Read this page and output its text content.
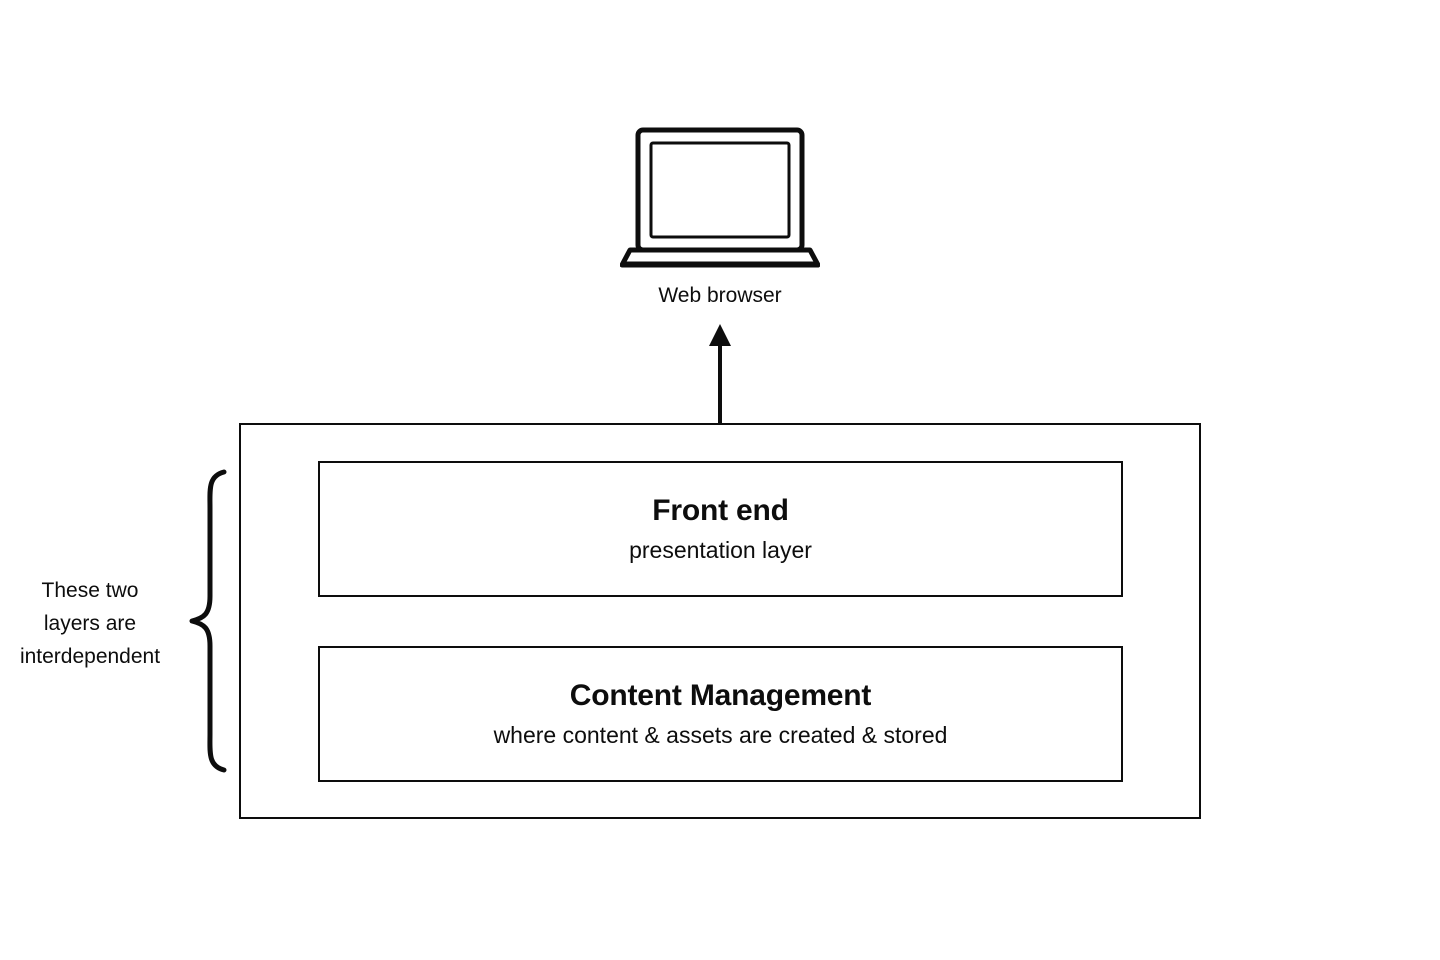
Web browser
Front end
presentation layer
Content Management
where content & assets are created & stored
These two
layers are
interdependent
